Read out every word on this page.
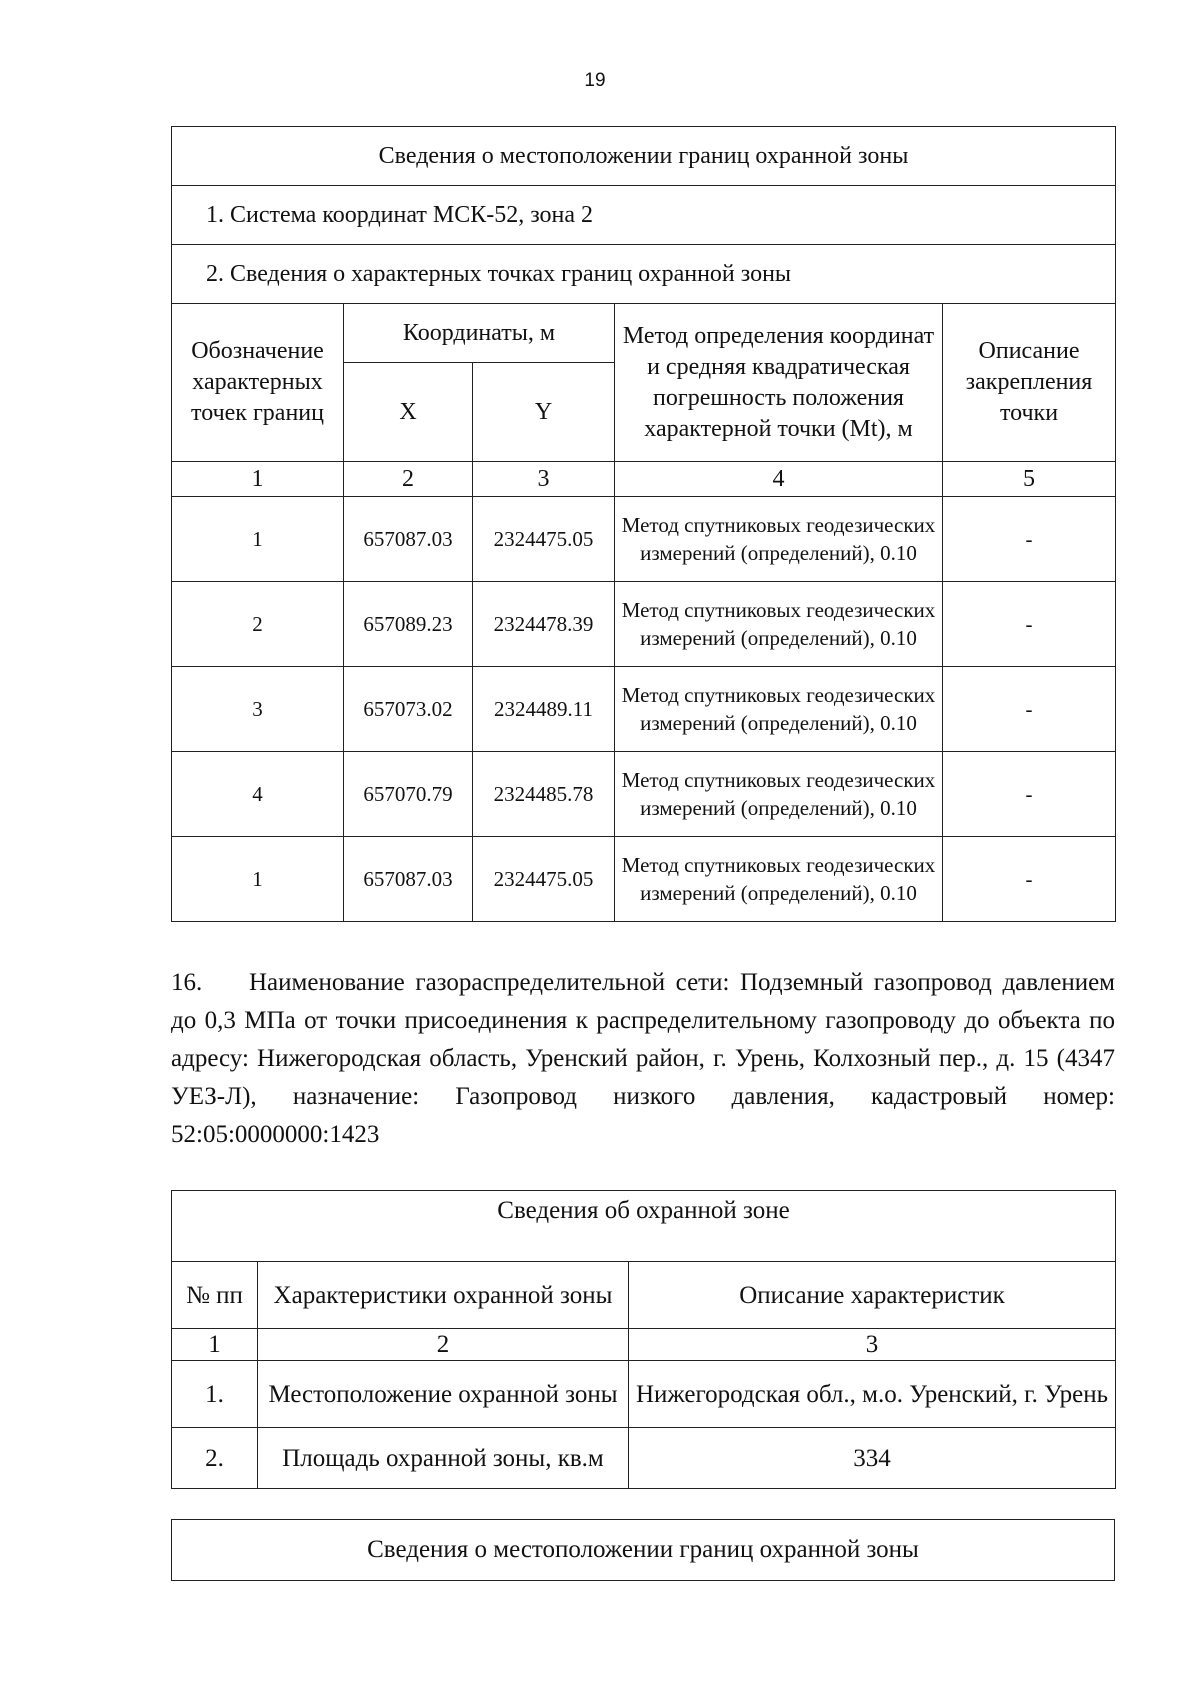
19
Сведения о местоположении границ охранной зоны				
1. Система координат МСК-52, зона 2				
2. Сведения о характерных точках границ охранной зоны				
Обозначение характерных точек границ	Координаты, м		Метод определения координат и средняя квадратическая погрешность положения характерной точки (Mt), м	Описание закрепления точки
	X	Y		
1	2	3	4	5
1	657087.03	2324475.05	Метод спутниковых геодезических измерений (определений), 0.10	-
2	657089.23	2324478.39	Метод спутниковых геодезических измерений (определений), 0.10	-
3	657073.02	2324489.11	Метод спутниковых геодезических измерений (определений), 0.10	-
4	657070.79	2324485.78	Метод спутниковых геодезических измерений (определений), 0.10	-
1	657087.03	2324475.05	Метод спутниковых геодезических измерений (определений), 0.10	-

16. Наименование газораспределительной сети: Подземный газопровод давлением до 0,3 МПа от точки присоединения к распределительному газопроводу до объекта по адресу: Нижегородская область, Уренский район, г. Урень, Колхозный пер., д. 15 (4347 УЕЗ-Л), назначение: Газопровод низкого давления, кадастровый номер: 52:05:0000000:1423

Сведения об охранной зоне		
№ пп	Характеристики охранной зоны	Описание характеристик
1	2	3
1.	Местоположение охранной зоны	Нижегородская обл., м.о. Уренский, г. Урень
2.	Площадь охранной зоны, кв.м	334
Сведения о местоположении границ охранной зоны
